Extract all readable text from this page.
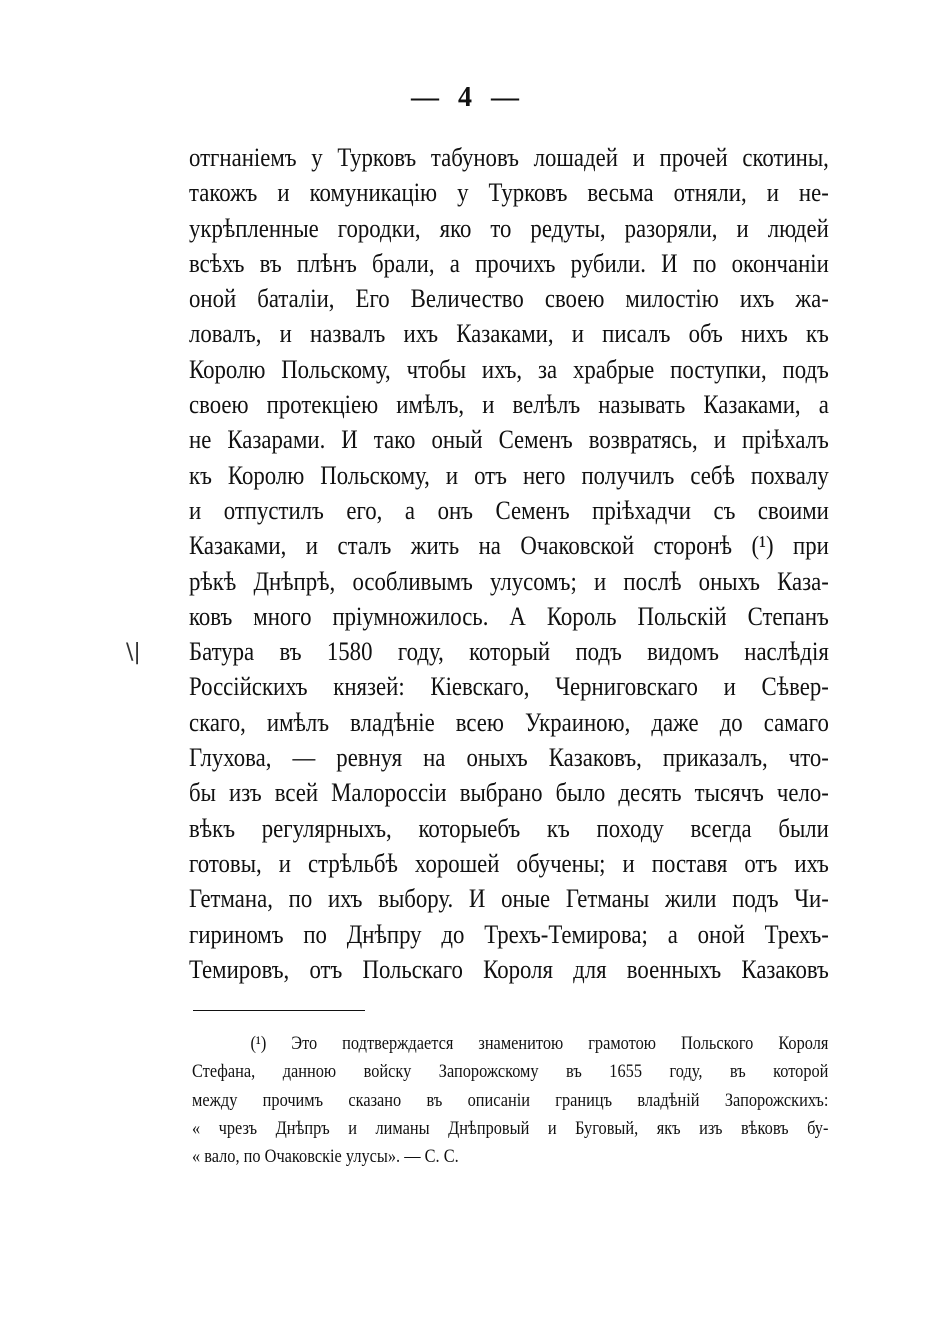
— 4 —
\|
отгнаніемъ у Турковъ табуновъ лошадей и прочей скотины,
такожъ и комуникацію у Турковъ весьма отняли, и не-
укрѣпленные городки, яко то редуты, разоряли, и людей
всѣхъ въ плѣнъ брали, а прочихъ рубили. И по окончаніи
оной баталіи, Его Величество своею милостію ихъ жа-
ловалъ, и назвалъ ихъ Казаками, и писалъ объ нихъ къ
Королю Польскому, чтобы ихъ, за храбрые поступки, подъ
своею протекціею имѣлъ, и велѣлъ называть Казаками, а
не Казарами. И тако оный Семенъ возвратясь, и пріѣхалъ
къ Королю Польскому, и отъ него получилъ себѣ похвалу
и отпустилъ его, а онъ Семенъ пріѣхадчи съ своими
Казаками, и сталъ жить на Очаковской сторонѣ (¹) при
рѣкѣ Днѣпрѣ, особливымъ улусомъ; и послѣ оныхъ Каза-
ковъ много пріумножилось. А Король Польскій Степанъ
Батура въ 1580 году, который подъ видомъ наслѣдія
Россійскихъ князей: Кіевскаго, Черниговскаго и Сѣвер-
скаго, имѣлъ владѣніе всею Украиною, даже до самаго
Глухова, — ревнуя на оныхъ Казаковъ, приказалъ, что-
бы изъ всей Малороссіи выбрано было десять тысячъ чело-
вѣкъ регулярныхъ, которыебъ къ походу всегда были
готовы, и стрѣльбѣ хорошей обучены; и поставя отъ ихъ
Гетмана, по ихъ выбору. И оные Гетманы жили подъ Чи-
гириномъ по Днѣпру до Трехъ-Темирова; а оной Трехъ-
Темировъ, отъ Польскаго Короля для военныхъ Казаковъ
(¹) Это подтверждается знаменитою грамотою Польского Короля
Стефана, данною войску Запорожскому въ 1655 году, въ которой
между прочимъ сказано въ описаніи границъ владѣній Запорожскихъ:
« чрезъ Днѣпръ и лиманы Днѣпровый и Буговый, якъ изъ вѣковъ бу-
« вало, по Очаковскіе улусы». — С. С.
